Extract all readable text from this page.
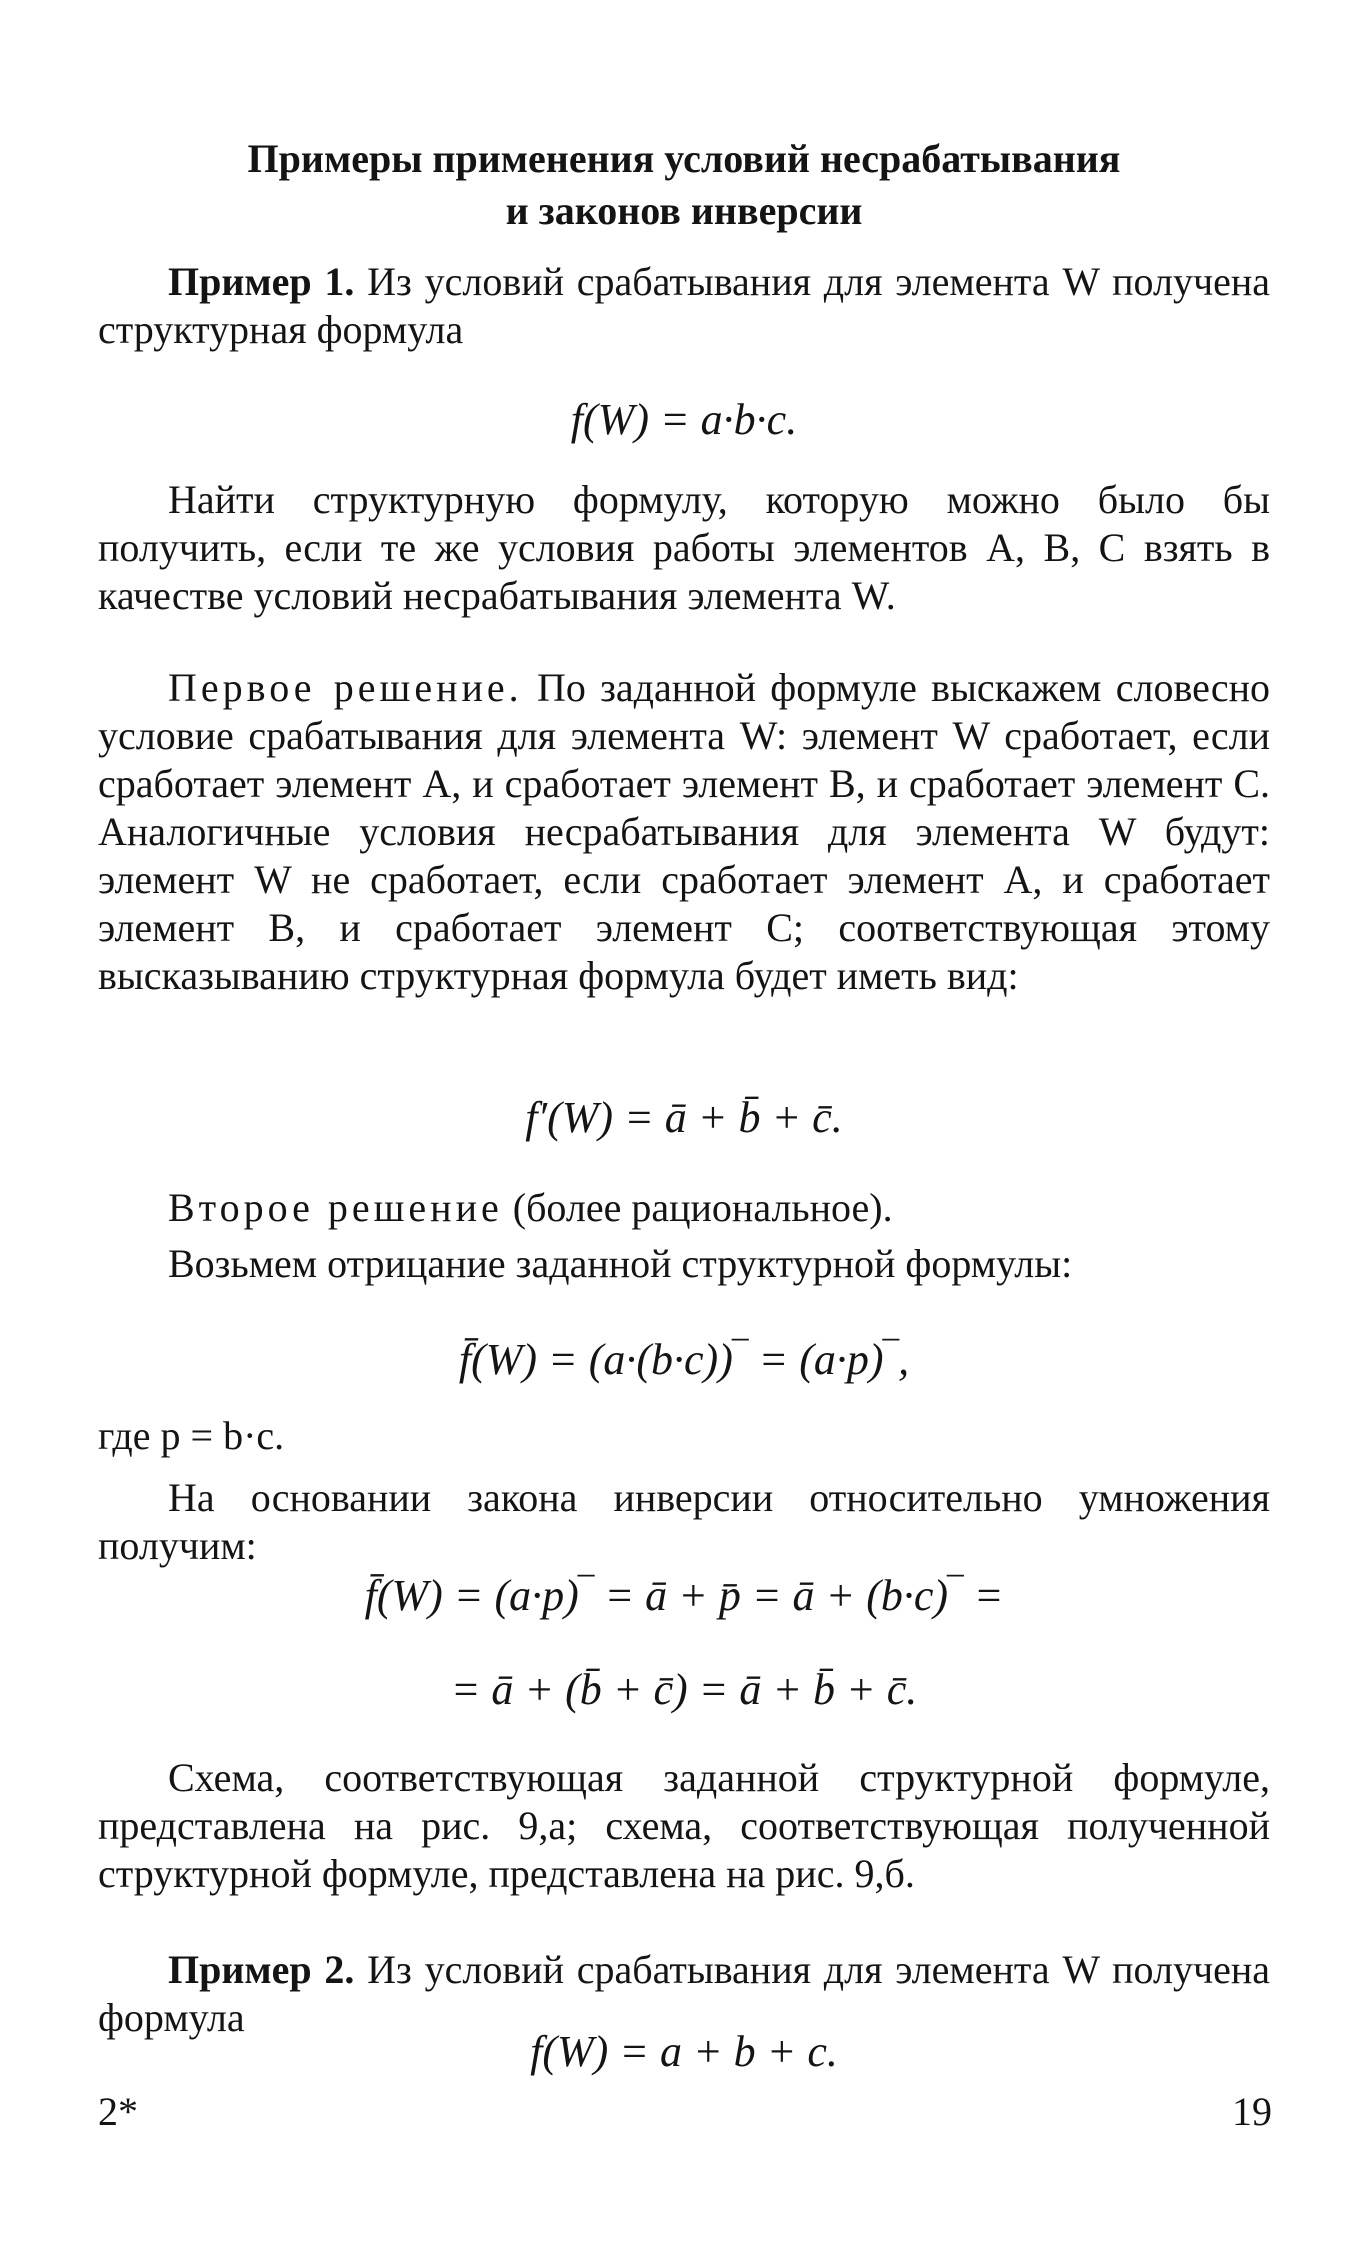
Примеры применения условий несрабатывания
и законов инверсии
Пример 1. Из условий срабатывания для элемента W получена структурная формула
f(W) = a·b·c.
Найти структурную формулу, которую можно было бы получить, если те же условия работы элементов A, B, C взять в качестве условий несрабатывания элемента W.
Первое решение. По заданной формуле выскажем словесно условие срабатывания для элемента W: элемент W сработает, если сработает элемент A, и сработает элемент B, и сработает элемент C. Аналогичные условия несрабатывания для элемента W будут: элемент W не сработает, если сработает элемент A, и сработает элемент B, и сработает элемент C; соответствующая этому высказыванию структурная формула будет иметь вид:
f′(W) = ā + b̄ + c̄.
Второе решение (более рациональное).
Возьмем отрицание заданной структурной формулы:
f̄(W) = (a·(b·c))‾ = (a·p)‾,
где p = b·c.
На основании закона инверсии относительно умножения получим:
f̄(W) = (a·p)‾ = ā + p̄ = ā + (b·c)‾ =
= ā + (b̄ + c̄) = ā + b̄ + c̄.
Схема, соответствующая заданной структурной формуле, представлена на рис. 9,а; схема, соответствующая полученной структурной формуле, представлена на рис. 9,б.
Пример 2. Из условий срабатывания для элемента W получена формула
f(W) = a + b + c.
2*	19
